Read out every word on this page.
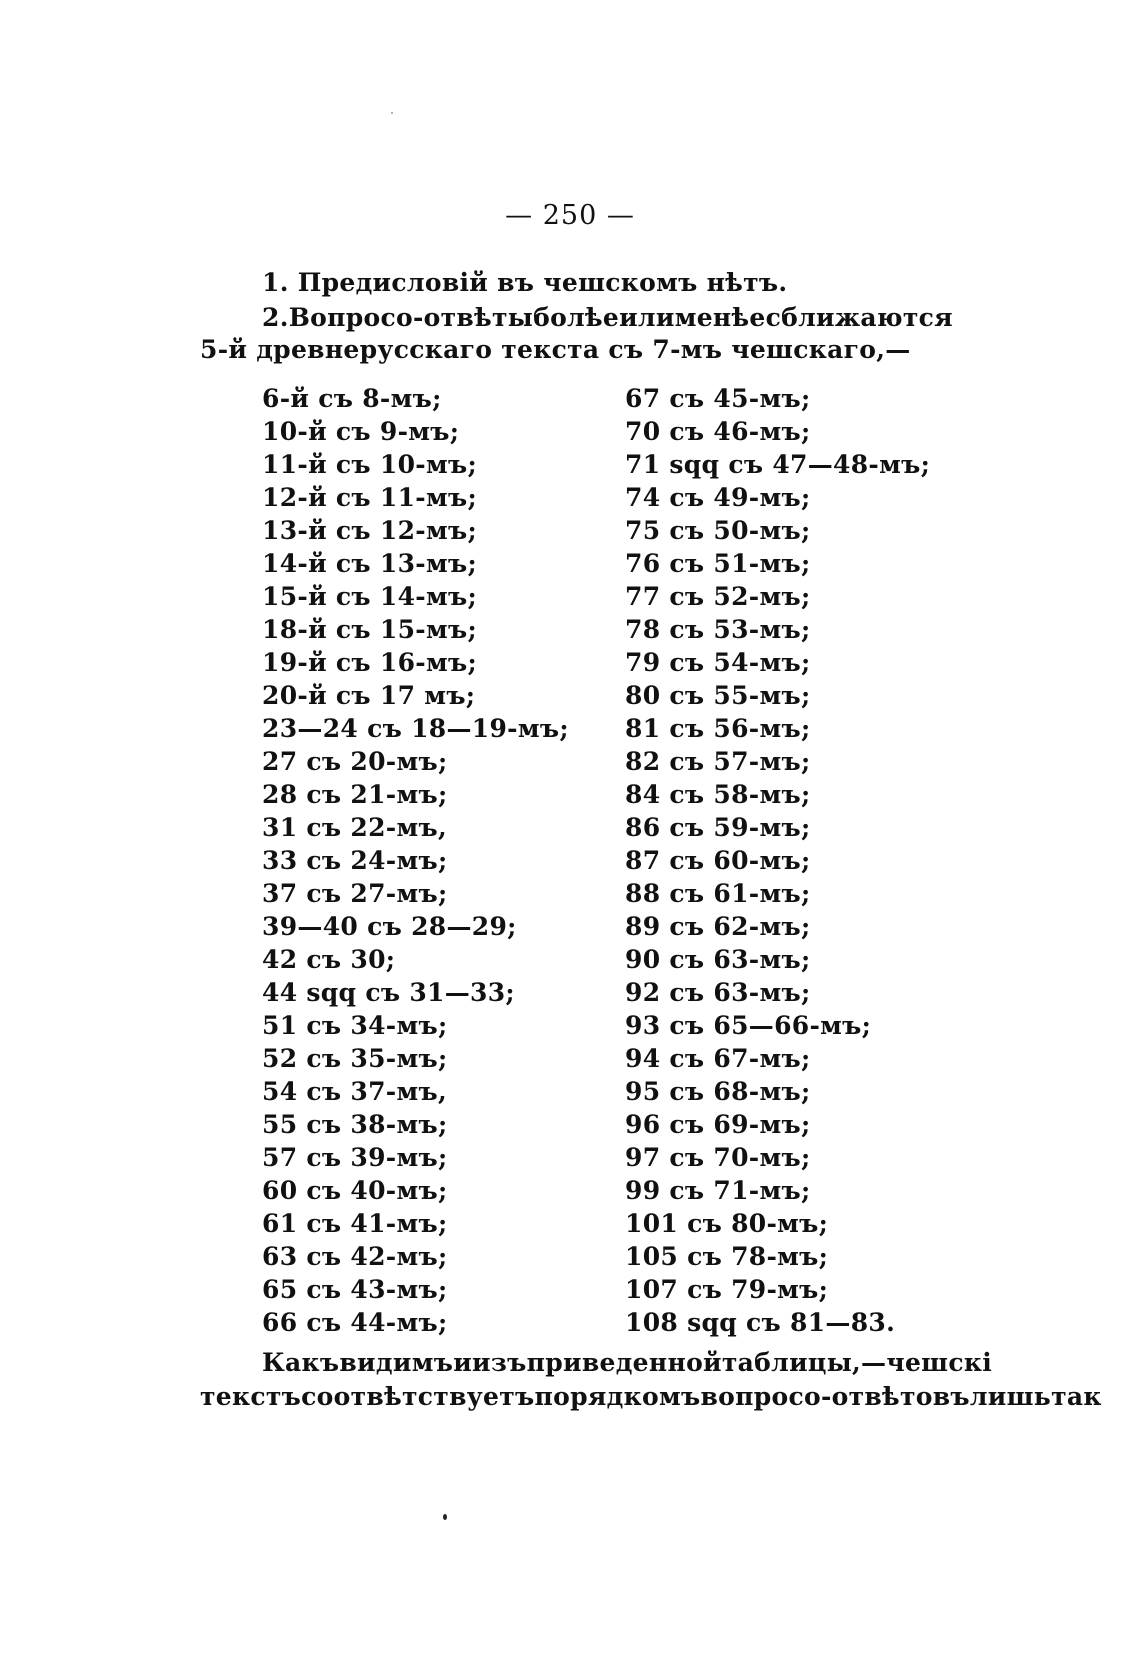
— 250 —
1. Предисловій въ чешскомъ нѣтъ.
2. Вопросо-отвѣты болѣе или менѣе сближаются
5-й древнерусскаго текста съ 7-мъ чешскаго,—
6-й съ 8-мъ;
10-й съ 9-мъ;
11-й съ 10-мъ;
12-й съ 11-мъ;
13-й съ 12-мъ;
14-й съ 13-мъ;
15-й съ 14-мъ;
18-й съ 15-мъ;
19-й съ 16-мъ;
20-й съ 17 мъ;
23—24 съ 18—19-мъ;
27 съ 20-мъ;
28 съ 21-мъ;
31 съ 22-мъ,
33 съ 24-мъ;
37 съ 27-мъ;
39—40 съ 28—29;
42 съ 30;
44 sqq съ 31—33;
51 съ 34-мъ;
52 съ 35-мъ;
54 съ 37-мъ,
55 съ 38-мъ;
57 съ 39-мъ;
60 съ 40-мъ;
61 съ 41-мъ;
63 съ 42-мъ;
65 съ 43-мъ;
66 съ 44-мъ;
67 съ 45-мъ;
70 съ 46-мъ;
71 sqq съ 47—48-мъ;
74 съ 49-мъ;
75 съ 50-мъ;
76 съ 51-мъ;
77 съ 52-мъ;
78 съ 53-мъ;
79 съ 54-мъ;
80 съ 55-мъ;
81 съ 56-мъ;
82 съ 57-мъ;
84 съ 58-мъ;
86 съ 59-мъ;
87 съ 60-мъ;
88 съ 61-мъ;
89 съ 62-мъ;
90 съ 63-мъ;
92 съ 63-мъ;
93 съ 65—66-мъ;
94 съ 67-мъ;
95 съ 68-мъ;
96 съ 69-мъ;
97 съ 70-мъ;
99 съ 71-мъ;
101 съ 80-мъ;
105 съ 78-мъ;
107 съ 79-мъ;
108 sqq съ 81—83.
Какъ видимъ и изъ приведенной таблицы,—чешскі
текстъ соотвѣтствуетъ порядкомъ вопросо-отвѣтовъ лишь так
